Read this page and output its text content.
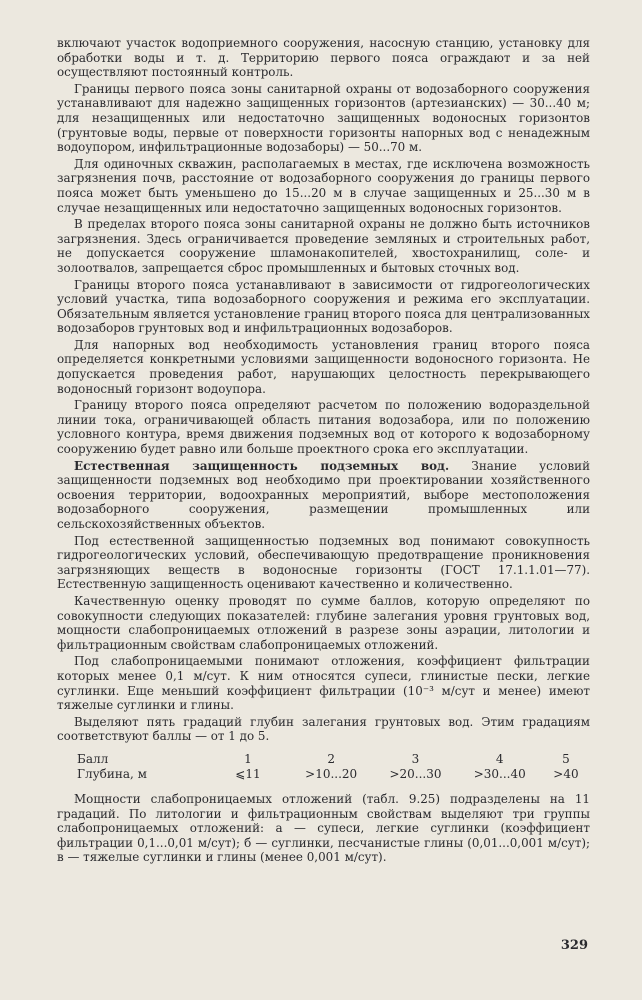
включают участок водоприемного сооружения, насосную станцию, установку для обработки воды и т. д. Территорию первого пояса ограждают и за ней осуществляют постоянный контроль.

Границы первого пояса зоны санитарной охраны от водозаборного сооружения устанавливают для надежно защищенных горизонтов (артезианских) — 30...40 м; для незащищенных или недостаточно защищенных водоносных горизонтов (грунтовые воды, первые от поверхности горизонты напорных вод с ненадежным водоупором, инфильтрационные водозаборы) — 50...70 м.

Для одиночных скважин, располагаемых в местах, где исключена возможность загрязнения почв, расстояние от водозаборного сооружения до границы первого пояса может быть уменьшено до 15...20 м в случае защищенных и 25...30 м в случае незащищенных или недостаточно защищенных водоносных горизонтов.

В пределах второго пояса зоны санитарной охраны не должно быть источников загрязнения. Здесь ограничивается проведение земляных и строительных работ, не допускается сооружение шламонакопителей, хвостохранилищ, соле- и золоотвалов, запрещается сброс промышленных и бытовых сточных вод.

Границы второго пояса устанавливают в зависимости от гидрогеологических условий участка, типа водозаборного сооружения и режима его эксплуатации. Обязательным является установление границ второго пояса для централизованных водозаборов грунтовых вод и инфильтрационных водозаборов.

Для напорных вод необходимость установления границ второго пояса определяется конкретными условиями защищенности водоносного горизонта. Не допускается проведения работ, нарушающих целостность перекрывающего водоносный горизонт водоупора.

Границу второго пояса определяют расчетом по положению водораздельной линии тока, ограничивающей область питания водозабора, или по положению условного контура, время движения подземных вод от которого к водозаборному сооружению будет равно или больше проектного срока его эксплуатации.

Естественная защищенность подземных вод. Знание условий защищенности подземных вод необходимо при проектировании хозяйственного освоения территории, водоохранных мероприятий, выборе местоположения водозаборного сооружения, размещении промышленных или сельскохозяйственных объектов.

Под естественной защищенностью подземных вод понимают совокупность гидрогеологических условий, обеспечивающую предотвращение проникновения загрязняющих веществ в водоносные горизонты (ГОСТ 17.1.1.01—77). Естественную защищенность оценивают качественно и количественно.

Качественную оценку проводят по сумме баллов, которую определяют по совокупности следующих показателей: глубине залегания уровня грунтовых вод, мощности слабопроницаемых отложений в разрезе зоны аэрации, литологии и фильтрационным свойствам слабопроницаемых отложений.

Под слабопроницаемыми понимают отложения, коэффициент фильтрации которых менее 0,1 м/сут. К ним относятся супеси, глинистые пески, легкие суглинки. Еще меньший коэффициент фильтрации (10⁻³ м/сут и менее) имеют тяжелые суглинки и глины.

Выделяют пять градаций глубин залегания грунтовых вод. Этим градациям соответствуют баллы — от 1 до 5.

Балл	1	2	3	4	5
Глубина, м	⩽11	>10...20	>20...30	>30...40	>40

Мощности слабопроницаемых отложений (табл. 9.25) подразделены на 11 градаций. По литологии и фильтрационным свойствам выделяют три группы слабопроницаемых отложений: а — супеси, легкие суглинки (коэффициент фильтрации 0,1...0,01 м/сут); б — суглинки, песчанистые глины (0,01...0,001 м/сут); в — тяжелые суглинки и глины (менее 0,001 м/сут).

329
